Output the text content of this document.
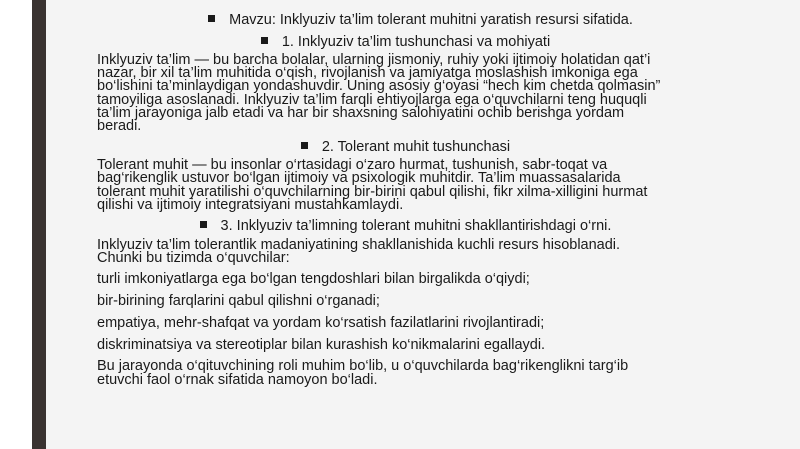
Mavzu: Inklyuziv ta’lim tolerant muhitni yaratish resursi sifatida.
1. Inklyuziv ta’lim tushunchasi va mohiyati

Inklyuziv ta’lim — bu barcha bolalar, ularning jismoniy, ruhiy yoki ijtimoiy holatidan qat’i

nazar, bir xil ta’lim muhitida o‘qish, rivojlanish va jamiyatga moslashish imkoniga ega

bo‘lishini ta’minlaydigan yondashuvdir. Uning asosiy g‘oyasi “hech kim chetda qolmasin”

tamoyiliga asoslanadi. Inklyuziv ta’lim farqli ehtiyojlarga ega o‘quvchilarni teng huquqli

ta’lim jarayoniga jalb etadi va har bir shaxsning salohiyatini ochib berishga yordam

beradi.

2. Tolerant muhit tushunchasi

Tolerant muhit — bu insonlar o‘rtasidagi o‘zaro hurmat, tushunish, sabr-toqat va

bag‘rikenglik ustuvor bo‘lgan ijtimoiy va psixologik muhitdir. Ta’lim muassasalarida

tolerant muhit yaratilishi o‘quvchilarning bir-birini qabul qilishi, fikr xilma-xilligini hurmat

qilishi va ijtimoiy integratsiyani mustahkamlaydi.

3. Inklyuziv ta’limning tolerant muhitni shakllantirishdagi o‘rni.

Inklyuziv ta’lim tolerantlik madaniyatining shakllanishida kuchli resurs hisoblanadi.

Chunki bu tizimda o‘quvchilar:

turli imkoniyatlarga ega bo‘lgan tengdoshlari bilan birgalikda o‘qiydi;

bir-birining farqlarini qabul qilishni o‘rganadi;

empatiya, mehr-shafqat va yordam ko‘rsatish fazilatlarini rivojlantiradi;

diskriminatsiya va stereotiplar bilan kurashish ko‘nikmalarini egallaydi.

Bu jarayonda o‘qituvchining roli muhim bo‘lib, u o‘quvchilarda bag‘rikenglikni targ‘ib

etuvchi faol o‘rnak sifatida namoyon bo‘ladi.
